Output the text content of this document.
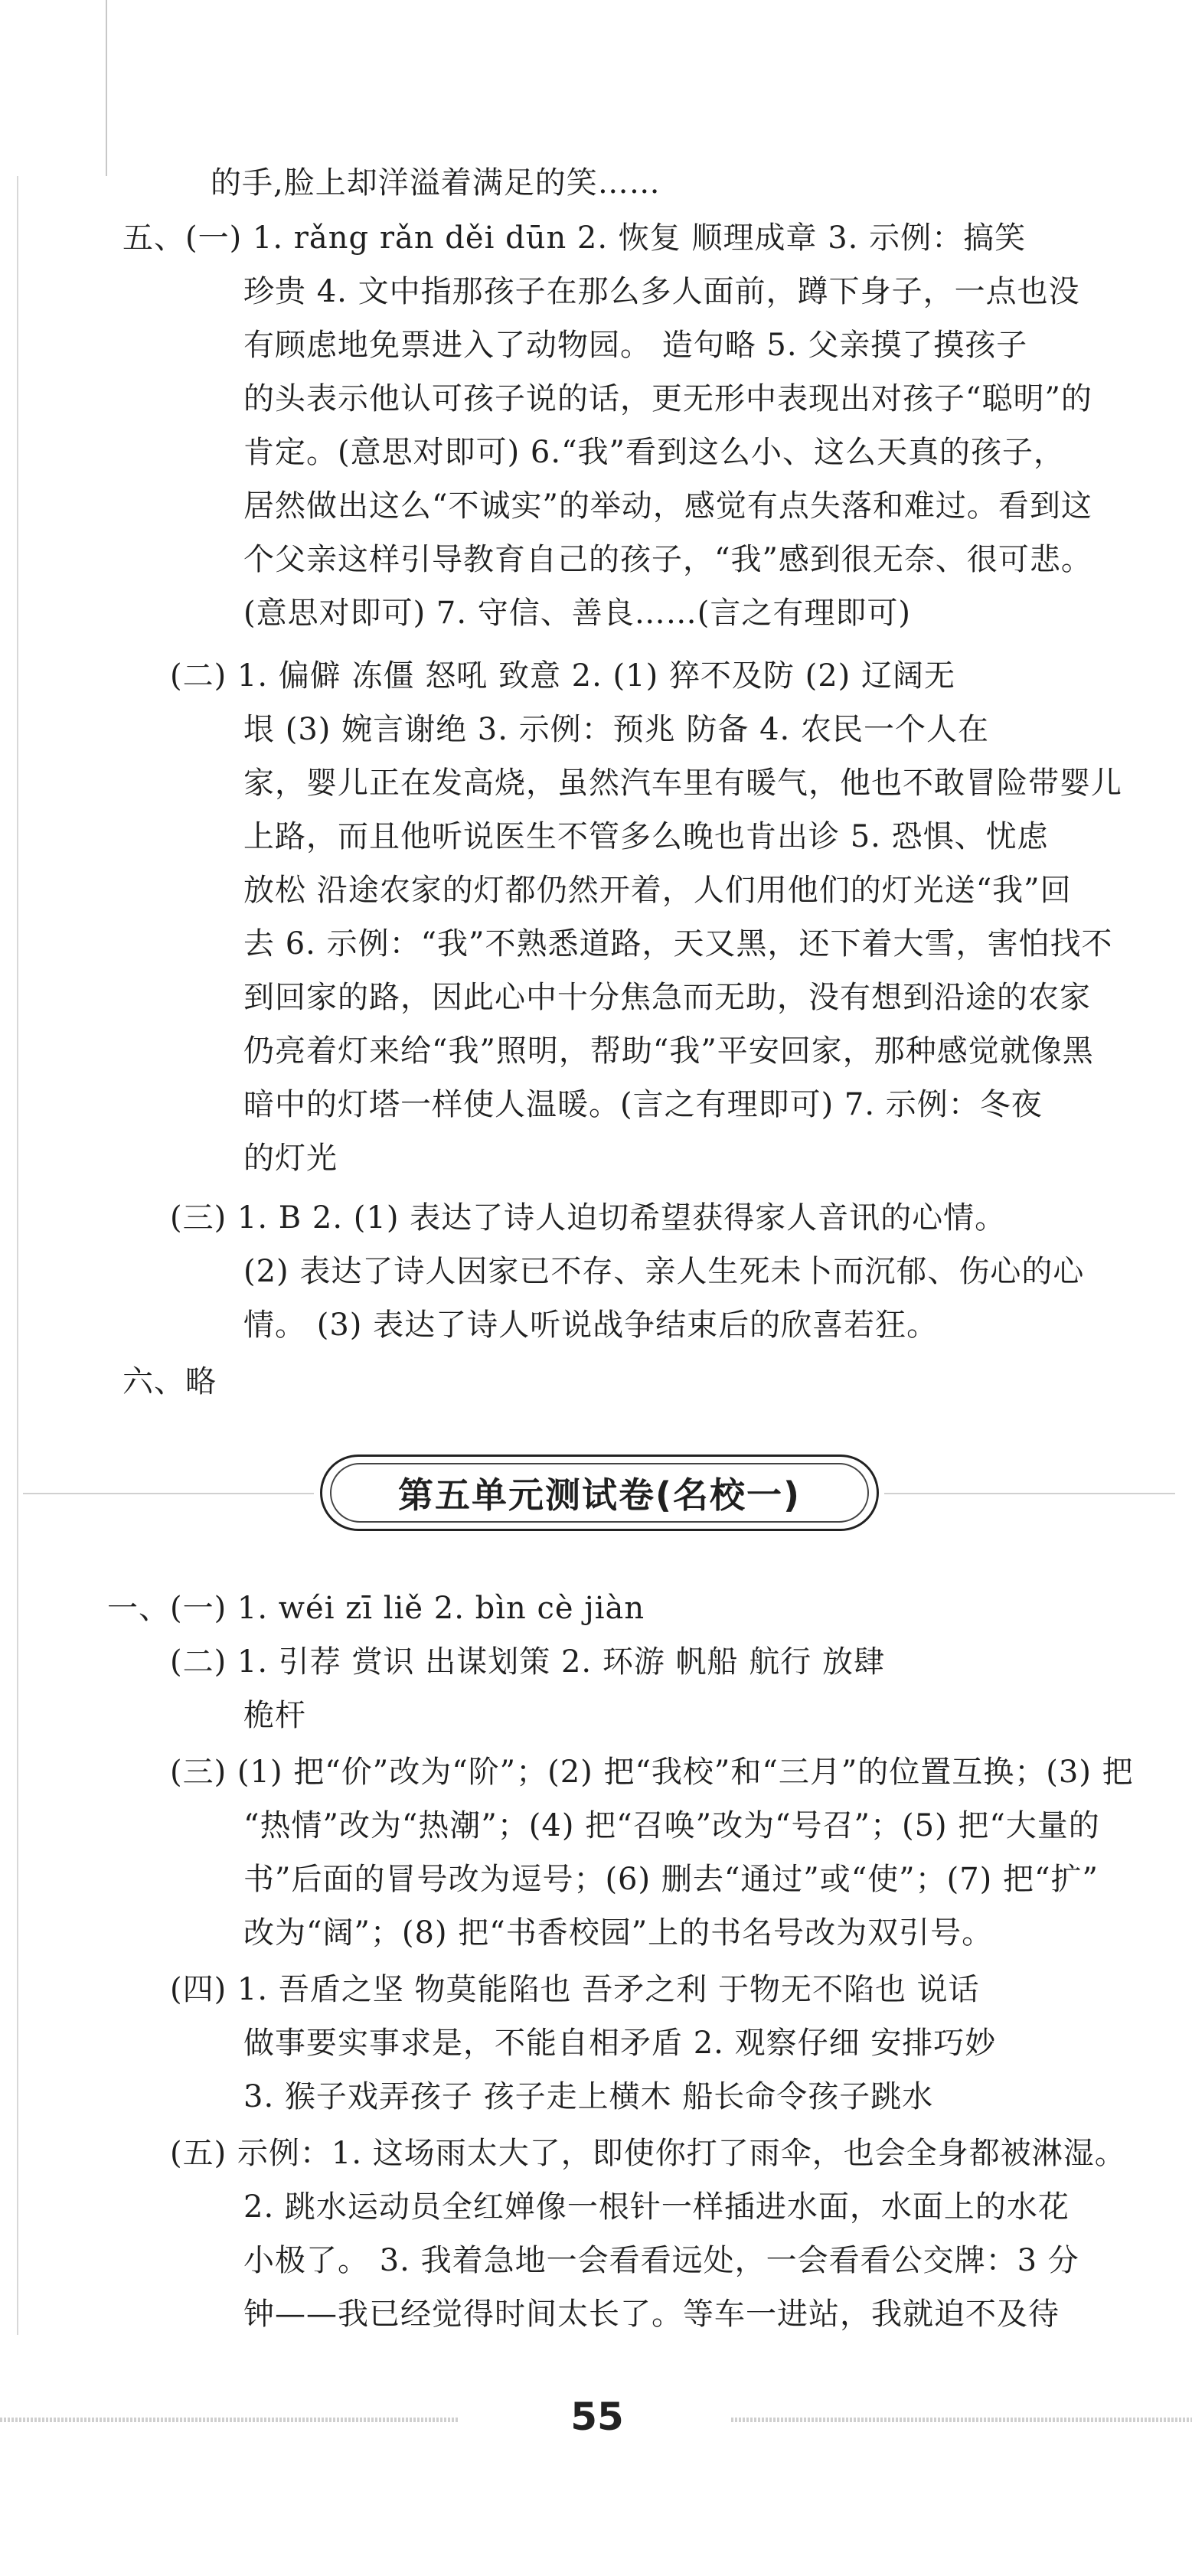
的手,脸上却洋溢着满足的笑……
五、(一) 1. rǎng rǎn děi dūn 2. 恢复 顺理成章 3. 示例：搞笑
珍贵 4. 文中指那孩子在那么多人面前，蹲下身子，一点也没
有顾虑地免票进入了动物园。 造句略 5. 父亲摸了摸孩子
的头表示他认可孩子说的话，更无形中表现出对孩子“聪明”的
肯定。(意思对即可) 6.“我”看到这么小、这么天真的孩子，
居然做出这么“不诚实”的举动，感觉有点失落和难过。看到这
个父亲这样引导教育自己的孩子，“我”感到很无奈、很可悲。
(意思对即可) 7. 守信、善良……(言之有理即可)
(二) 1. 偏僻 冻僵 怒吼 致意 2. (1) 猝不及防 (2) 辽阔无
垠 (3) 婉言谢绝 3. 示例：预兆 防备 4. 农民一个人在
家，婴儿正在发高烧，虽然汽车里有暖气，他也不敢冒险带婴儿
上路，而且他听说医生不管多么晚也肯出诊 5. 恐惧、忧虑
放松 沿途农家的灯都仍然开着，人们用他们的灯光送“我”回
去 6. 示例：“我”不熟悉道路，天又黑，还下着大雪，害怕找不
到回家的路，因此心中十分焦急而无助，没有想到沿途的农家
仍亮着灯来给“我”照明，帮助“我”平安回家，那种感觉就像黑
暗中的灯塔一样使人温暖。(言之有理即可) 7. 示例：冬夜
的灯光
(三) 1. B 2. (1) 表达了诗人迫切希望获得家人音讯的心情。
(2) 表达了诗人因家已不存、亲人生死未卜而沉郁、伤心的心
情。 (3) 表达了诗人听说战争结束后的欣喜若狂。
六、略
第五单元测试卷(名校一)
一、(一) 1. wéi zī liě 2. bìn cè jiàn
(二) 1. 引荐 赏识 出谋划策 2. 环游 帆船 航行 放肆
桅杆
(三) (1) 把“价”改为“阶”；(2) 把“我校”和“三月”的位置互换；(3) 把
“热情”改为“热潮”；(4) 把“召唤”改为“号召”；(5) 把“大量的
书”后面的冒号改为逗号；(6) 删去“通过”或“使”；(7) 把“扩”
改为“阔”；(8) 把“书香校园”上的书名号改为双引号。
(四) 1. 吾盾之坚 物莫能陷也 吾矛之利 于物无不陷也 说话
做事要实事求是，不能自相矛盾 2. 观察仔细 安排巧妙
3. 猴子戏弄孩子 孩子走上横木 船长命令孩子跳水
(五) 示例：1. 这场雨太大了，即使你打了雨伞，也会全身都被淋湿。
2. 跳水运动员全红婵像一根针一样插进水面，水面上的水花
小极了。 3. 我着急地一会看看远处，一会看看公交牌：3 分
钟——我已经觉得时间太长了。等车一进站，我就迫不及待
55
